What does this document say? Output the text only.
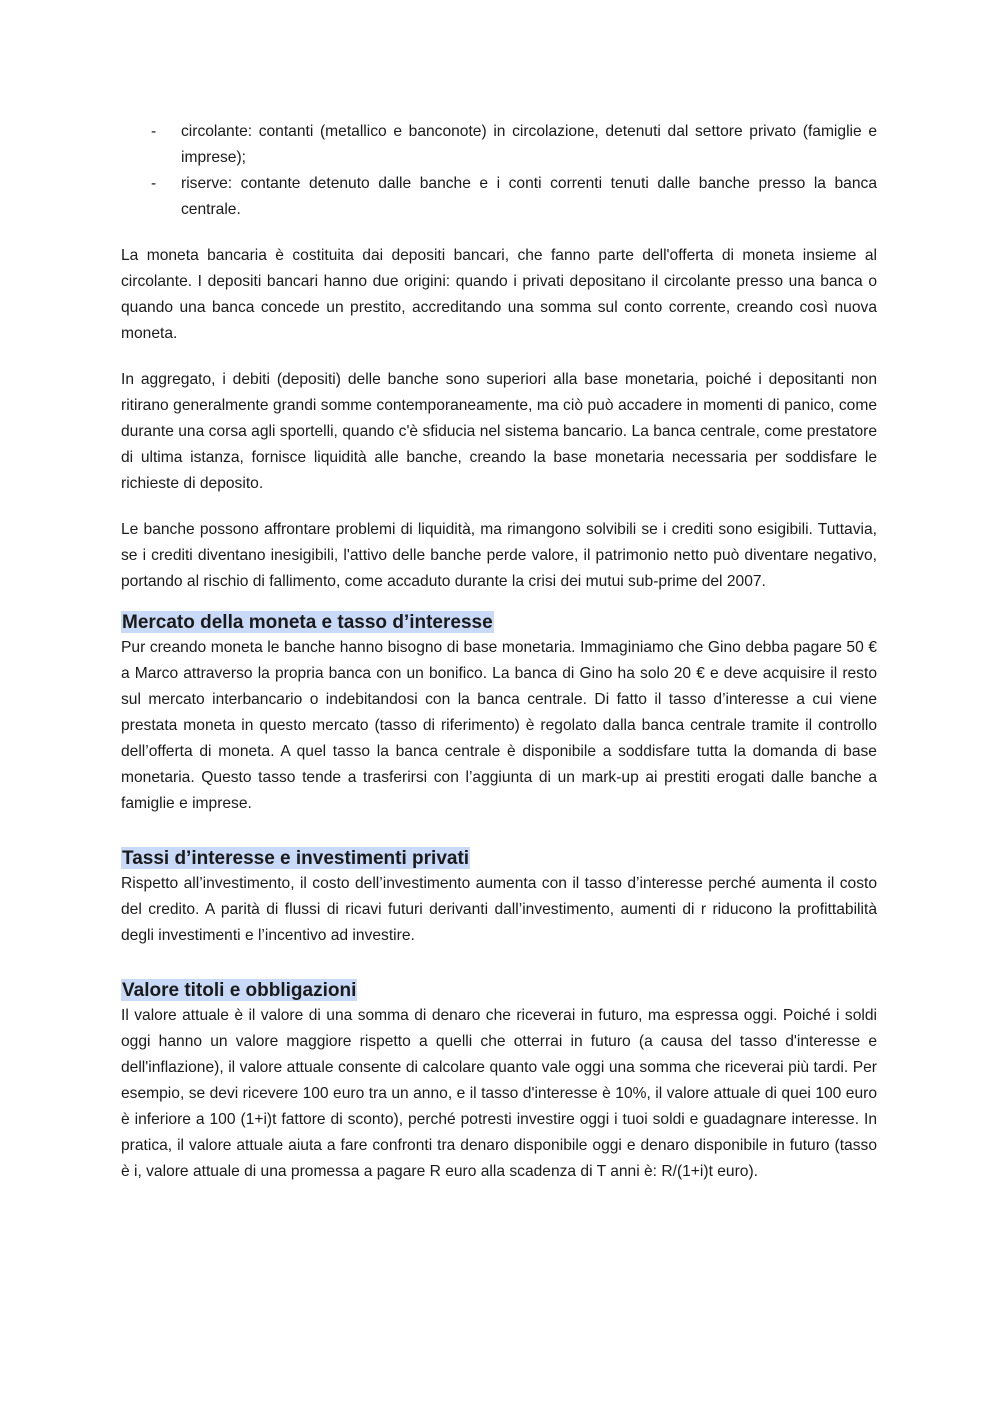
- circolante: contanti (metallico e banconote) in circolazione, detenuti dal settore privato (famiglie e imprese);
- riserve: contante detenuto dalle banche e i conti correnti tenuti dalle banche presso la banca centrale.

La moneta bancaria è costituita dai depositi bancari, che fanno parte dell'offerta di moneta insieme al circolante. I depositi bancari hanno due origini: quando i privati depositano il circolante presso una banca o quando una banca concede un prestito, accreditando una somma sul conto corrente, creando così nuova moneta.

In aggregato, i debiti (depositi) delle banche sono superiori alla base monetaria, poiché i depositanti non ritirano generalmente grandi somme contemporaneamente, ma ciò può accadere in momenti di panico, come durante una corsa agli sportelli, quando c'è sfiducia nel sistema bancario. La banca centrale, come prestatore di ultima istanza, fornisce liquidità alle banche, creando la base monetaria necessaria per soddisfare le richieste di deposito.

Le banche possono affrontare problemi di liquidità, ma rimangono solvibili se i crediti sono esigibili. Tuttavia, se i crediti diventano inesigibili, l'attivo delle banche perde valore, il patrimonio netto può diventare negativo, portando al rischio di fallimento, come accaduto durante la crisi dei mutui sub-prime del 2007.

Mercato della moneta e tasso d’interesse

Pur creando moneta le banche hanno bisogno di base monetaria. Immaginiamo che Gino debba pagare 50 € a Marco attraverso la propria banca con un bonifico. La banca di Gino ha solo 20 € e deve acquisire il resto sul mercato interbancario o indebitandosi con la banca centrale. Di fatto il tasso d’interesse a cui viene prestata moneta in questo mercato (tasso di riferimento) è regolato dalla banca centrale tramite il controllo dell’offerta di moneta. A quel tasso la banca centrale è disponibile a soddisfare tutta la domanda di base monetaria. Questo tasso tende a trasferirsi con l’aggiunta di un mark-up ai prestiti erogati dalle banche a famiglie e imprese.

Tassi d’interesse e investimenti privati

Rispetto all’investimento, il costo dell’investimento aumenta con il tasso d’interesse perché aumenta il costo del credito. A parità di flussi di ricavi futuri derivanti dall’investimento, aumenti di r riducono la profittabilità degli investimenti e l’incentivo ad investire.

Valore titoli e obbligazioni

Il valore attuale è il valore di una somma di denaro che riceverai in futuro, ma espressa oggi. Poiché i soldi oggi hanno un valore maggiore rispetto a quelli che otterrai in futuro (a causa del tasso d'interesse e dell'inflazione), il valore attuale consente di calcolare quanto vale oggi una somma che riceverai più tardi. Per esempio, se devi ricevere 100 euro tra un anno, e il tasso d'interesse è 10%, il valore attuale di quei 100 euro è inferiore a 100 (1+i)t fattore di sconto), perché potresti investire oggi i tuoi soldi e guadagnare interesse. In pratica, il valore attuale aiuta a fare confronti tra denaro disponibile oggi e denaro disponibile in futuro (tasso è i, valore attuale di una promessa a pagare R euro alla scadenza di T anni è: R/(1+i)t euro).
